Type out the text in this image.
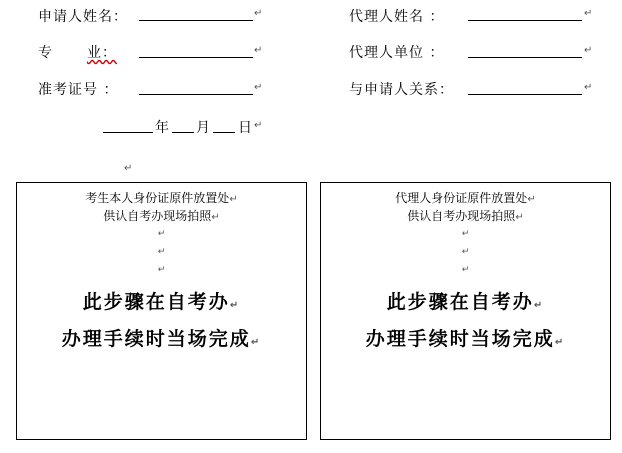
申请人姓名：	↵
专 业：	↵
准考证号 ：	↵
年 月 日 ↵
↵
代理人姓名 ：	↵
代理人单位 ：	↵
与申请人关系：	↵
考生本人身份证原件放置处↵
供认自考办现场拍照↵
↵
↵
↵
此步骤在自考办↵
办理手续时当场完成↵
代理人身份证原件放置处↵
供认自考办现场拍照↵
↵
↵
↵
此步骤在自考办↵
办理手续时当场完成↵
